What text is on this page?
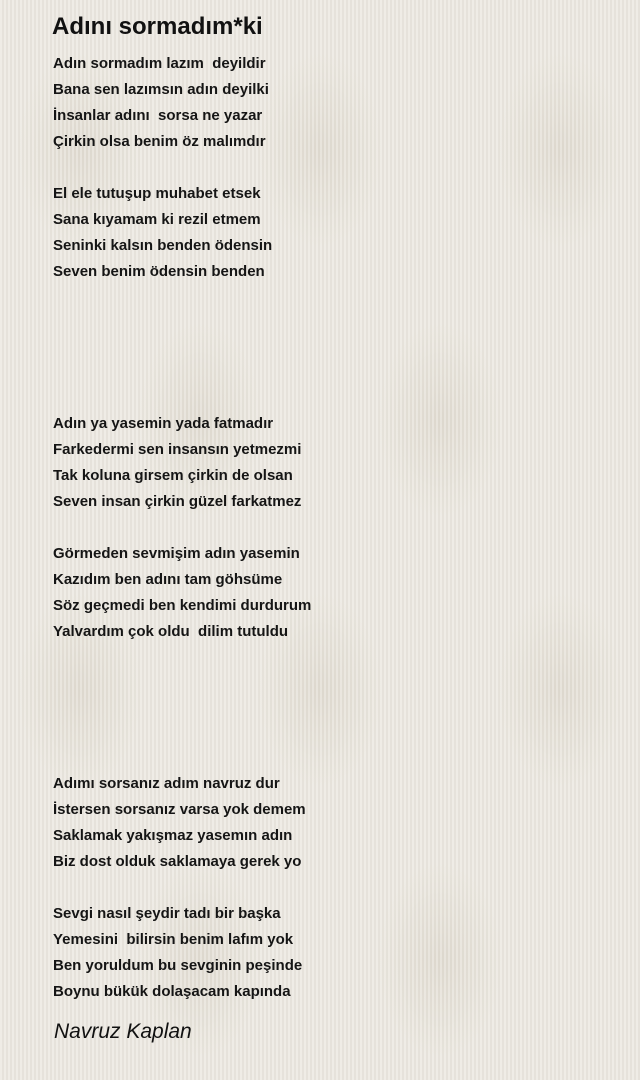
Adını sormadım*ki
Adın sormadım lazım  deyildir
Bana sen lazımsın adın deyilki
İnsanlar adını  sorsa ne yazar
Çirkin olsa benim öz malımdır
El ele tutuşup muhabet etsek
Sana kıyamam ki rezil etmem
Seninki kalsın benden ödensin
Seven benim ödensin benden
Adın ya yasemin yada fatmadır
Farkedermi sen insansın yetmezmi
Tak koluna girsem çirkin de olsan
Seven insan çirkin güzel farkatmez
Görmeden sevmişim adın yasemin
Kazıdım ben adını tam göhsüme
Söz geçmedi ben kendimi durdurum
Yalvardım çok oldu  dilim tutuldu
Adımı sorsanız adım navruz dur
İstersen sorsanız varsa yok demem
Saklamak yakışmaz yasemın adın
Biz dost olduk saklamaya gerek yo
Sevgi nasıl şeydir tadı bir başka
Yemesini  bilirsin benim lafım yok
Ben yoruldum bu sevginin peşinde
Boynu bükük dolaşacam kapında

Navruz Kaplan
